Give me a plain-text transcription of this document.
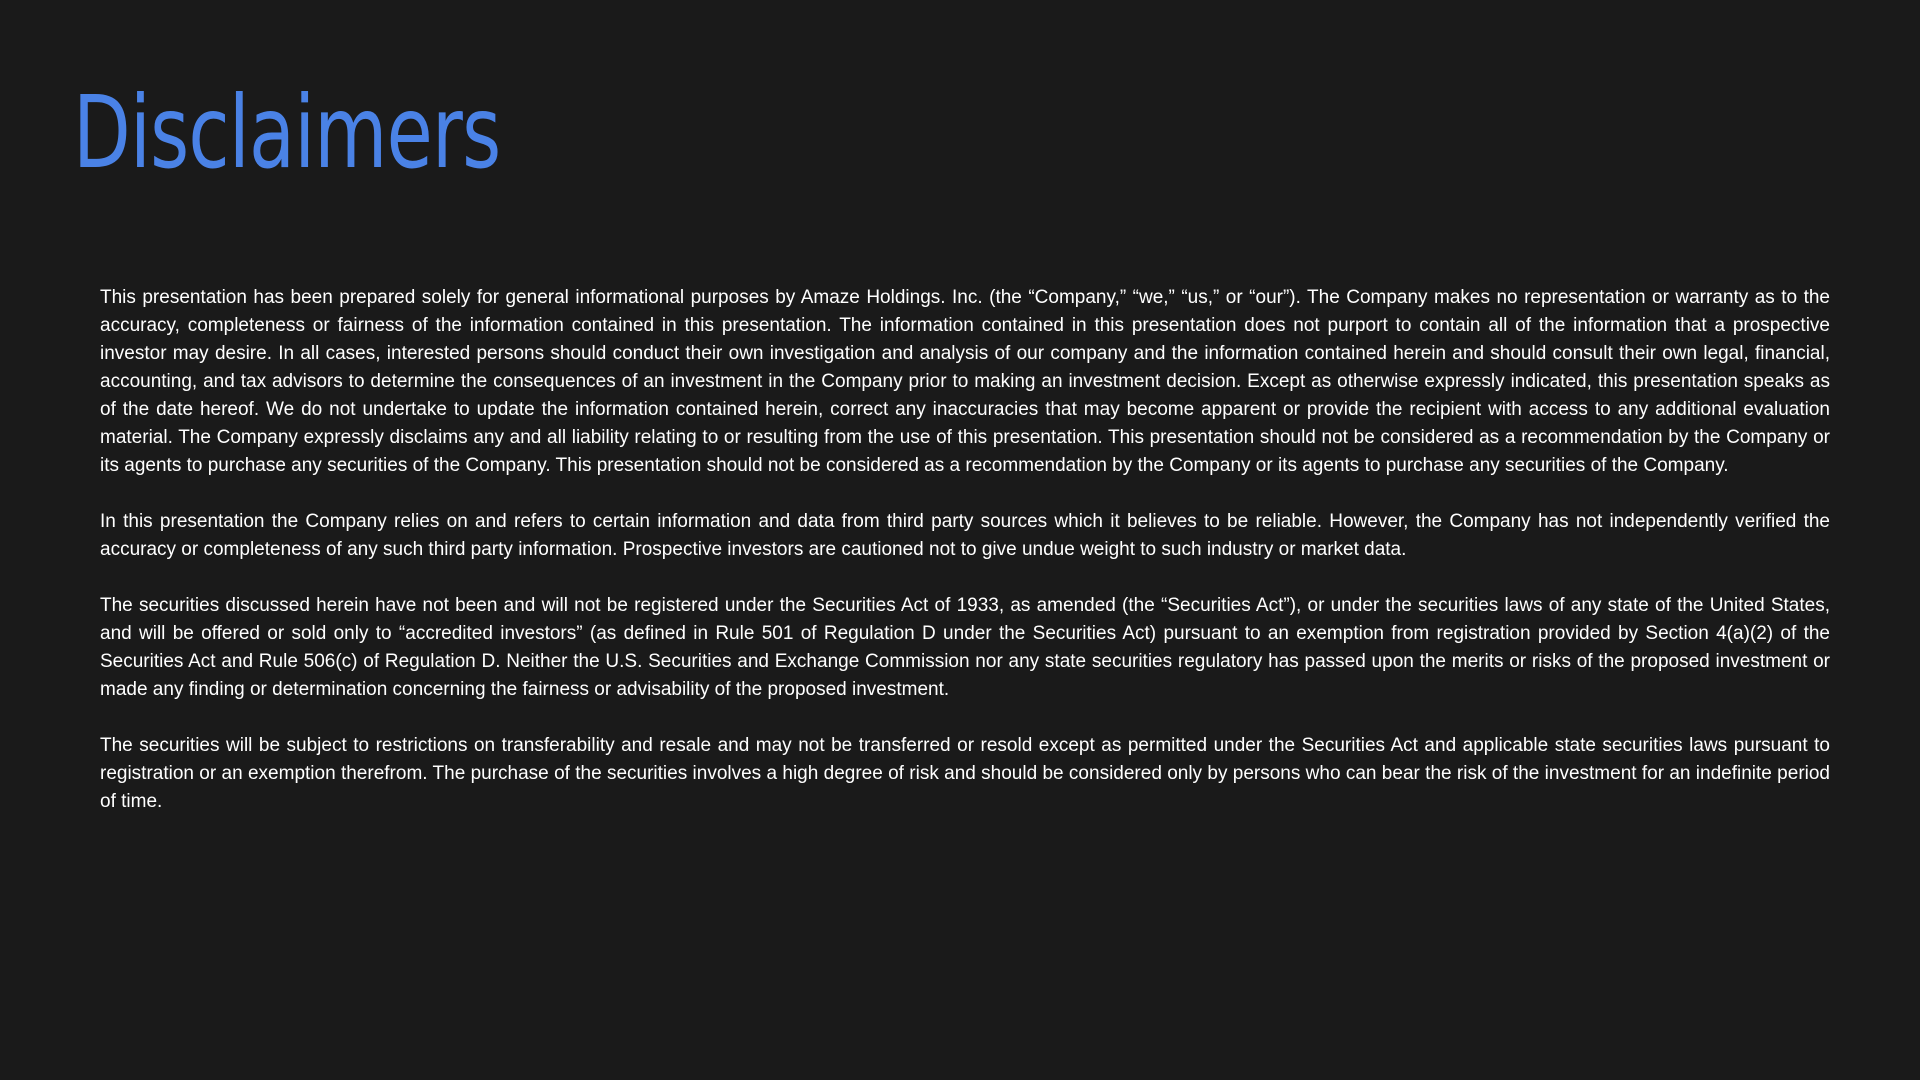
Disclaimers

This presentation has been prepared solely for general informational purposes by Amaze Holdings. Inc. (the “Company,” “we,” “us,” or “our”). The Company makes no representation or warranty as to the accuracy, completeness or fairness of the information contained in this presentation. The information contained in this presentation does not purport to contain all of the information that a prospective investor may desire. In all cases, interested persons should conduct their own investigation and analysis of our company and the information contained herein and should consult their own legal, financial, accounting, and tax advisors to determine the consequences of an investment in the Company prior to making an investment decision. Except as otherwise expressly indicated, this presentation speaks as of the date hereof. We do not undertake to update the information contained herein, correct any inaccuracies that may become apparent or provide the recipient with access to any additional evaluation material. The Company expressly disclaims any and all liability relating to or resulting from the use of this presentation. This presentation should not be considered as a recommendation by the Company or its agents to purchase any securities of the Company. This presentation should not be considered as a recommendation by the Company or its agents to purchase any securities of the Company.

In this presentation the Company relies on and refers to certain information and data from third party sources which it believes to be reliable. However, the Company has not independently verified the accuracy or completeness of any such third party information. Prospective investors are cautioned not to give undue weight to such industry or market data.

The securities discussed herein have not been and will not be registered under the Securities Act of 1933, as amended (the “Securities Act”), or under the securities laws of any state of the United States, and will be offered or sold only to “accredited investors” (as defined in Rule 501 of Regulation D under the Securities Act) pursuant to an exemption from registration provided by Section 4(a)(2) of the Securities Act and Rule 506(c) of Regulation D. Neither the U.S. Securities and Exchange Commission nor any state securities regulatory has passed upon the merits or risks of the proposed investment or made any finding or determination concerning the fairness or advisability of the proposed investment.

The securities will be subject to restrictions on transferability and resale and may not be transferred or resold except as permitted under the Securities Act and applicable state securities laws pursuant to registration or an exemption therefrom. The purchase of the securities involves a high degree of risk and should be considered only by persons who can bear the risk of the investment for an indefinite period of time.
